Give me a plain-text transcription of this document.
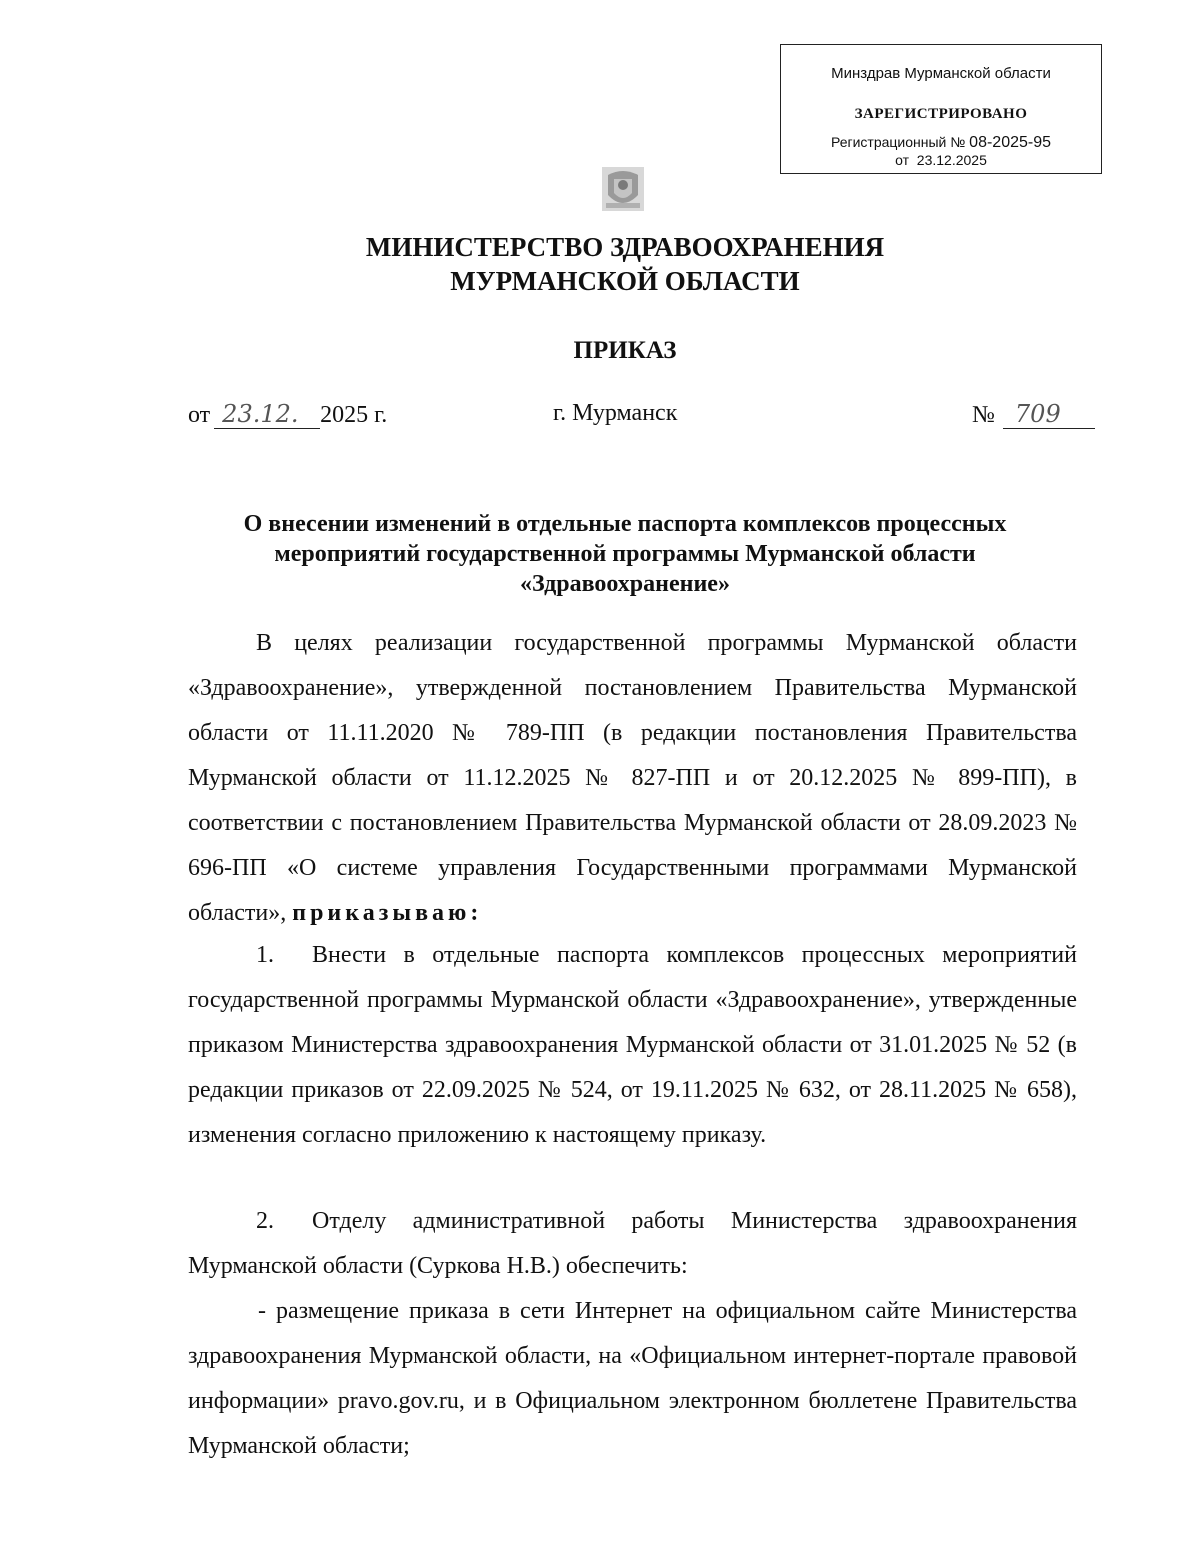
Минздрав Мурманской области
ЗАРЕГИСТРИРОВАНО
Регистрационный № 08-2025-95
от 23.12.2025
МИНИСТЕРСТВО ЗДРАВООХРАНЕНИЯ
МУРМАНСКОЙ ОБЛАСТИ
ПРИКАЗ
от 23.12. 2025 г.	г. Мурманск	№ 709
О внесении изменений в отдельные паспорта комплексов процессных
мероприятий государственной программы Мурманской области
«Здравоохранение»

В целях реализации государственной программы Мурманской области «Здравоохранение», утвержденной постановлением Правительства Мурманской области от 11.11.2020 № 789-ПП (в редакции постановления Правительства Мурманской области от 11.12.2025 № 827-ПП и от 20.12.2025 № 899-ПП), в соответствии с постановлением Правительства Мурманской области от 28.09.2023 № 696-ПП «О системе управления Государственными программами Мурманской области», приказываю:

1. Внести в отдельные паспорта комплексов процессных мероприятий государственной программы Мурманской области «Здравоохранение», утвержденные приказом Министерства здравоохранения Мурманской области от 31.01.2025 № 52 (в редакции приказов от 22.09.2025 № 524, от 19.11.2025 № 632, от 28.11.2025 № 658), изменения согласно приложению к настоящему приказу.

2. Отделу административной работы Министерства здравоохранения Мурманской области (Суркова Н.В.) обеспечить:

- размещение приказа в сети Интернет на официальном сайте Министерства здравоохранения Мурманской области, на «Официальном интернет-портале правовой информации» pravo.gov.ru, и в Официальном электронном бюллетене Правительства Мурманской области;
